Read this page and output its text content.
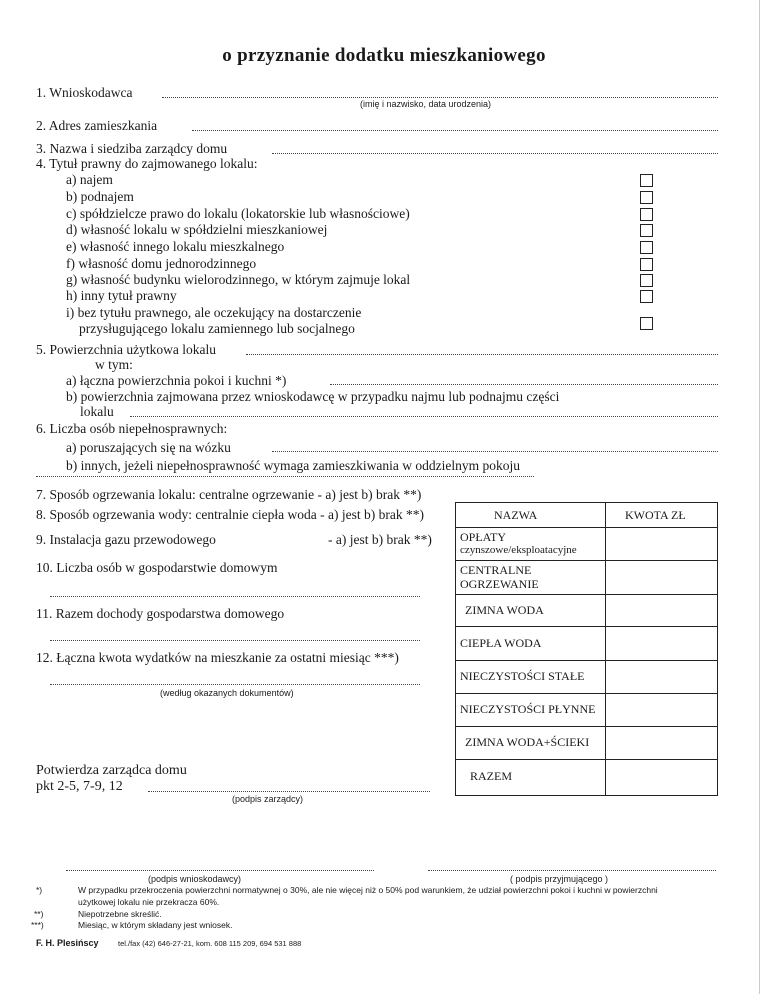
o przyznanie dodatku mieszkaniowego
1. Wnioskodawca
(imię i nazwisko, data urodzenia)
2. Adres zamieszkania
3. Nazwa i siedziba zarządcy domu
4. Tytuł prawny do zajmowanego lokalu:
a) najem
b) podnajem
c) spółdzielcze prawo do lokalu (lokatorskie lub własnościowe)
d) własność lokalu w spółdzielni mieszkaniowej
e) własność innego lokalu mieszkalnego
f) własność domu jednorodzinnego
g) własność budynku wielorodzinnego, w którym zajmuje lokal
h) inny tytuł prawny
i) bez tytułu prawnego, ale oczekujący na dostarczenie
przysługującego lokalu zamiennego lub socjalnego
5. Powierzchnia użytkowa lokalu
w tym:
a) łączna powierzchnia pokoi i kuchni *)
b) powierzchnia zajmowana przez wnioskodawcę w przypadku najmu lub podnajmu części
lokalu
6. Liczba osób niepełnosprawnych:
a) poruszających się na wózku
b) innych, jeżeli niepełnosprawność wymaga zamieszkiwania w oddzielnym pokoju
7. Sposób ogrzewania lokalu: centralne ogrzewanie - a) jest b) brak **)
8. Sposób ogrzewania wody: centralnie ciepła woda - a) jest b) brak **)
9. Instalacja gazu przewodowego	- a) jest b) brak **)
10. Liczba osób w gospodarstwie domowym
11. Razem dochody gospodarstwa domowego
12. Łączna kwota wydatków na mieszkanie za ostatni miesiąc ***)
(według okazanych dokumentów)
NAZWA	KWOTA ZŁ
OPŁATY
czynszowe/eksploatacyjne
CENTRALNE
OGRZEWANIE
ZIMNA WODA
CIEPŁA WODA
NIECZYSTOŚCI STAŁE
NIECZYSTOŚCI PŁYNNE
ZIMNA WODA+ŚCIEKI
RAZEM
Potwierdza zarządca domu
pkt 2-5, 7-9, 12
(podpis zarządcy)
(podpis wnioskodawcy)	( podpis przyjmującego )
*)	W przypadku przekroczenia powierzchni normatywnej o 30%, ale nie więcej niż o 50% pod warunkiem, że udział powierzchni pokoi i kuchni w powierzchni
użytkowej lokalu nie przekracza 60%.
**)	Niepotrzebne skreślić.
***)	Miesiąc, w którym składany jest wniosek.
F. H. Plesińscy	tel./fax (42) 646-27-21, kom. 608 115 209, 694 531 888
